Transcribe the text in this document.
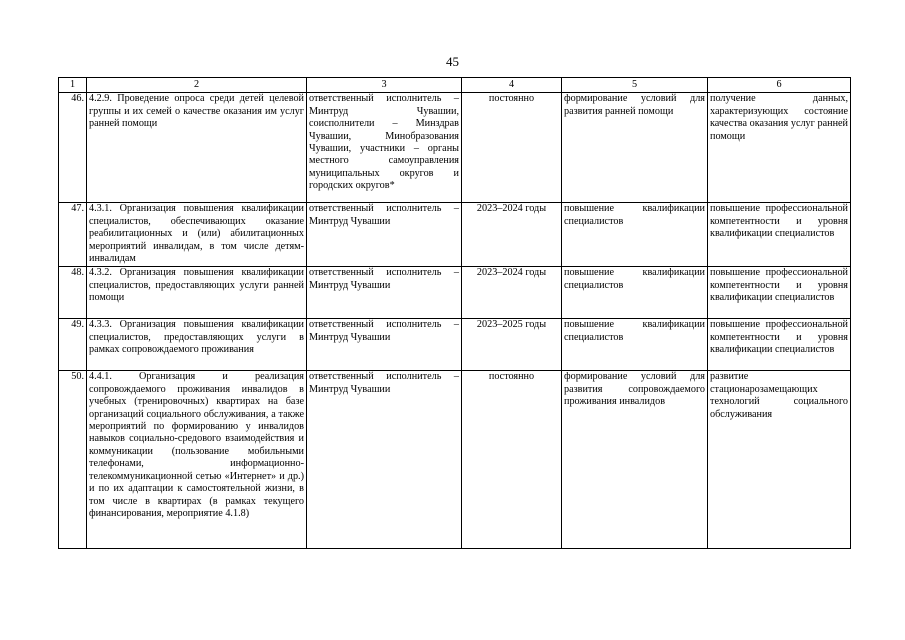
45
1	2	3	4	5	6
46.	4.2.9. Проведение опроса среди детей целевой группы и их семей о качестве оказания им услуг ранней помощи	ответственный исполнитель – Минтруд Чувашии, соисполнители – Минздрав Чувашии, Минобразования Чувашии, участники – органы местного самоуправления муниципальных округов и городских округов*	постоянно	формирование условий для развития ранней помощи	получение данных, характеризующих состояние качества оказания услуг ранней помощи
47.	4.3.1. Организация повышения квалификации специалистов, обеспечивающих оказание реабилитационных и (или) абилитационных мероприятий инвалидам, в том числе детям-инвалидам	ответственный исполнитель – Минтруд Чувашии	2023–2024 годы	повышение квалификации специалистов	повышение профессиональной компетентности и уровня квалификации специалистов
48.	4.3.2. Организация повышения квалификации специалистов, предоставляющих услуги ранней помощи	ответственный исполнитель – Минтруд Чувашии	2023–2024 годы	повышение квалификации специалистов	повышение профессиональной компетентности и уровня квалификации специалистов
49.	4.3.3. Организация повышения квалификации специалистов, предоставляющих услуги в рамках сопровождаемого проживания	ответственный исполнитель – Минтруд Чувашии	2023–2025 годы	повышение квалификации специалистов	повышение профессиональной компетентности и уровня квалификации специалистов
50.	4.4.1. Организация и реализация сопровождаемого проживания инвалидов в учебных (тренировочных) квартирах на базе организаций социального обслуживания, а также мероприятий по формированию у инвалидов навыков социально-средового взаимодействия и коммуникации (пользование мобильными телефонами, информационно-телекоммуникационной сетью «Интернет» и др.) и по их адаптации к самостоятельной жизни, в том числе в квартирах (в рамках текущего финансирования, мероприятие 4.1.8)	ответственный исполнитель – Минтруд Чувашии	постоянно	формирование условий для развития сопровождаемого проживания инвалидов	развитие стационарозамещающих технологий социального обслуживания
